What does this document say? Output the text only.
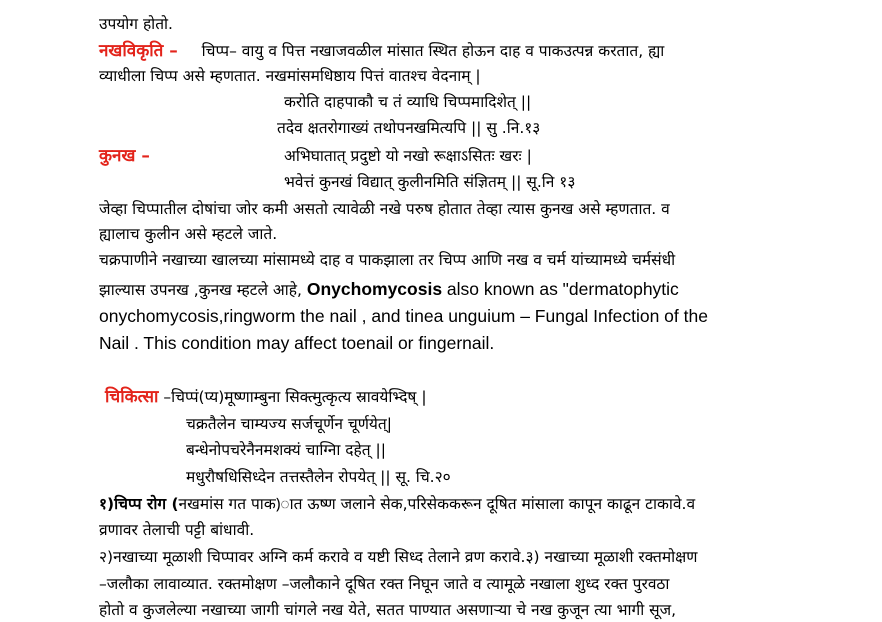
उपयोग होतो.
नखविकृति – चिप्प– वायु व पित्त नखाजवळील मांसात स्थित होऊन दाह व पाकउत्पन्न करतात, ह्या
व्याधीला चिप्प असे म्हणतात. नखमांसमधिष्ठाय पित्तं वातश्च वेदनाम् |
करोति दाहपाकौ च तं व्याधि चिप्पमादिशेत् ||
तदेव क्षतरोगाख्यं तथोपनखमित्यपि || सु .नि.१३
कुनख –	अभिघातात् प्रदुष्टो यो नखो रूक्षाऽसितः खरः |
भवेत्तं कुनखं विद्यात् कुलीनमिति संज्ञितम् || सू.नि १३
जेव्हा चिप्पातील दोषांचा जोर कमी असतो त्यावेळी नखे परुष होतात तेव्हा त्यास कुनख असे म्हणतात. व
ह्यालाच कुलीन असे म्हटले जाते.
चक्रपाणीने नखाच्या खालच्या मांसामध्ये दाह व पाकझाला तर चिप्प आणि नख व चर्म यांच्यामध्ये चर्मसंधी
झाल्यास उपनख ,कुनख म्हटले आहे, Onychomycosis also known as "dermatophytic
onychomycosis,ringworm the nail , and tinea unguium – Fungal Infection of the
Nail . This condition may affect toenail or fingernail.
चिकित्सा –चिप्पं(प्य)मूष्णाम्बुना सिक्त्मुत्कृत्य स्रावयेभ्दिष् |
चक्रतैलेन चाम्यज्य सर्जचूर्णेन चूर्णयेत्|
बन्धेनोपचरेनैनमशक्यं चाग्निा दहेत् ||
मधुरौषधिसिध्देन तत्तस्तैलेन रोपयेत् || सू. चि.२०
१)चिप्प रोग (नखमांस गत पाक)ात ऊष्ण जलाने सेक,परिसेककरून दूषित मांसाला कापून काढून टाकावे.व
व्रणावर तेलाची पट्टी बांधावी.
२)नखाच्या मूळाशी चिप्पावर अग्नि कर्म करावे व यष्टी सिध्द तेलाने व्रण करावे.३) नखाच्या मूळाशी रक्तमोक्षण
–जलौका लावाव्यात. रक्तमोक्षण –जलौकाने दूषित रक्त निघून जाते व त्यामूळे नखाला शुध्द रक्त पुरवठा
होतो व कुजलेल्या नखाच्या जागी चांगले नख येते, सतत पाण्यात असणाऱ्या चे नख कुजून त्या भागी सूज,
